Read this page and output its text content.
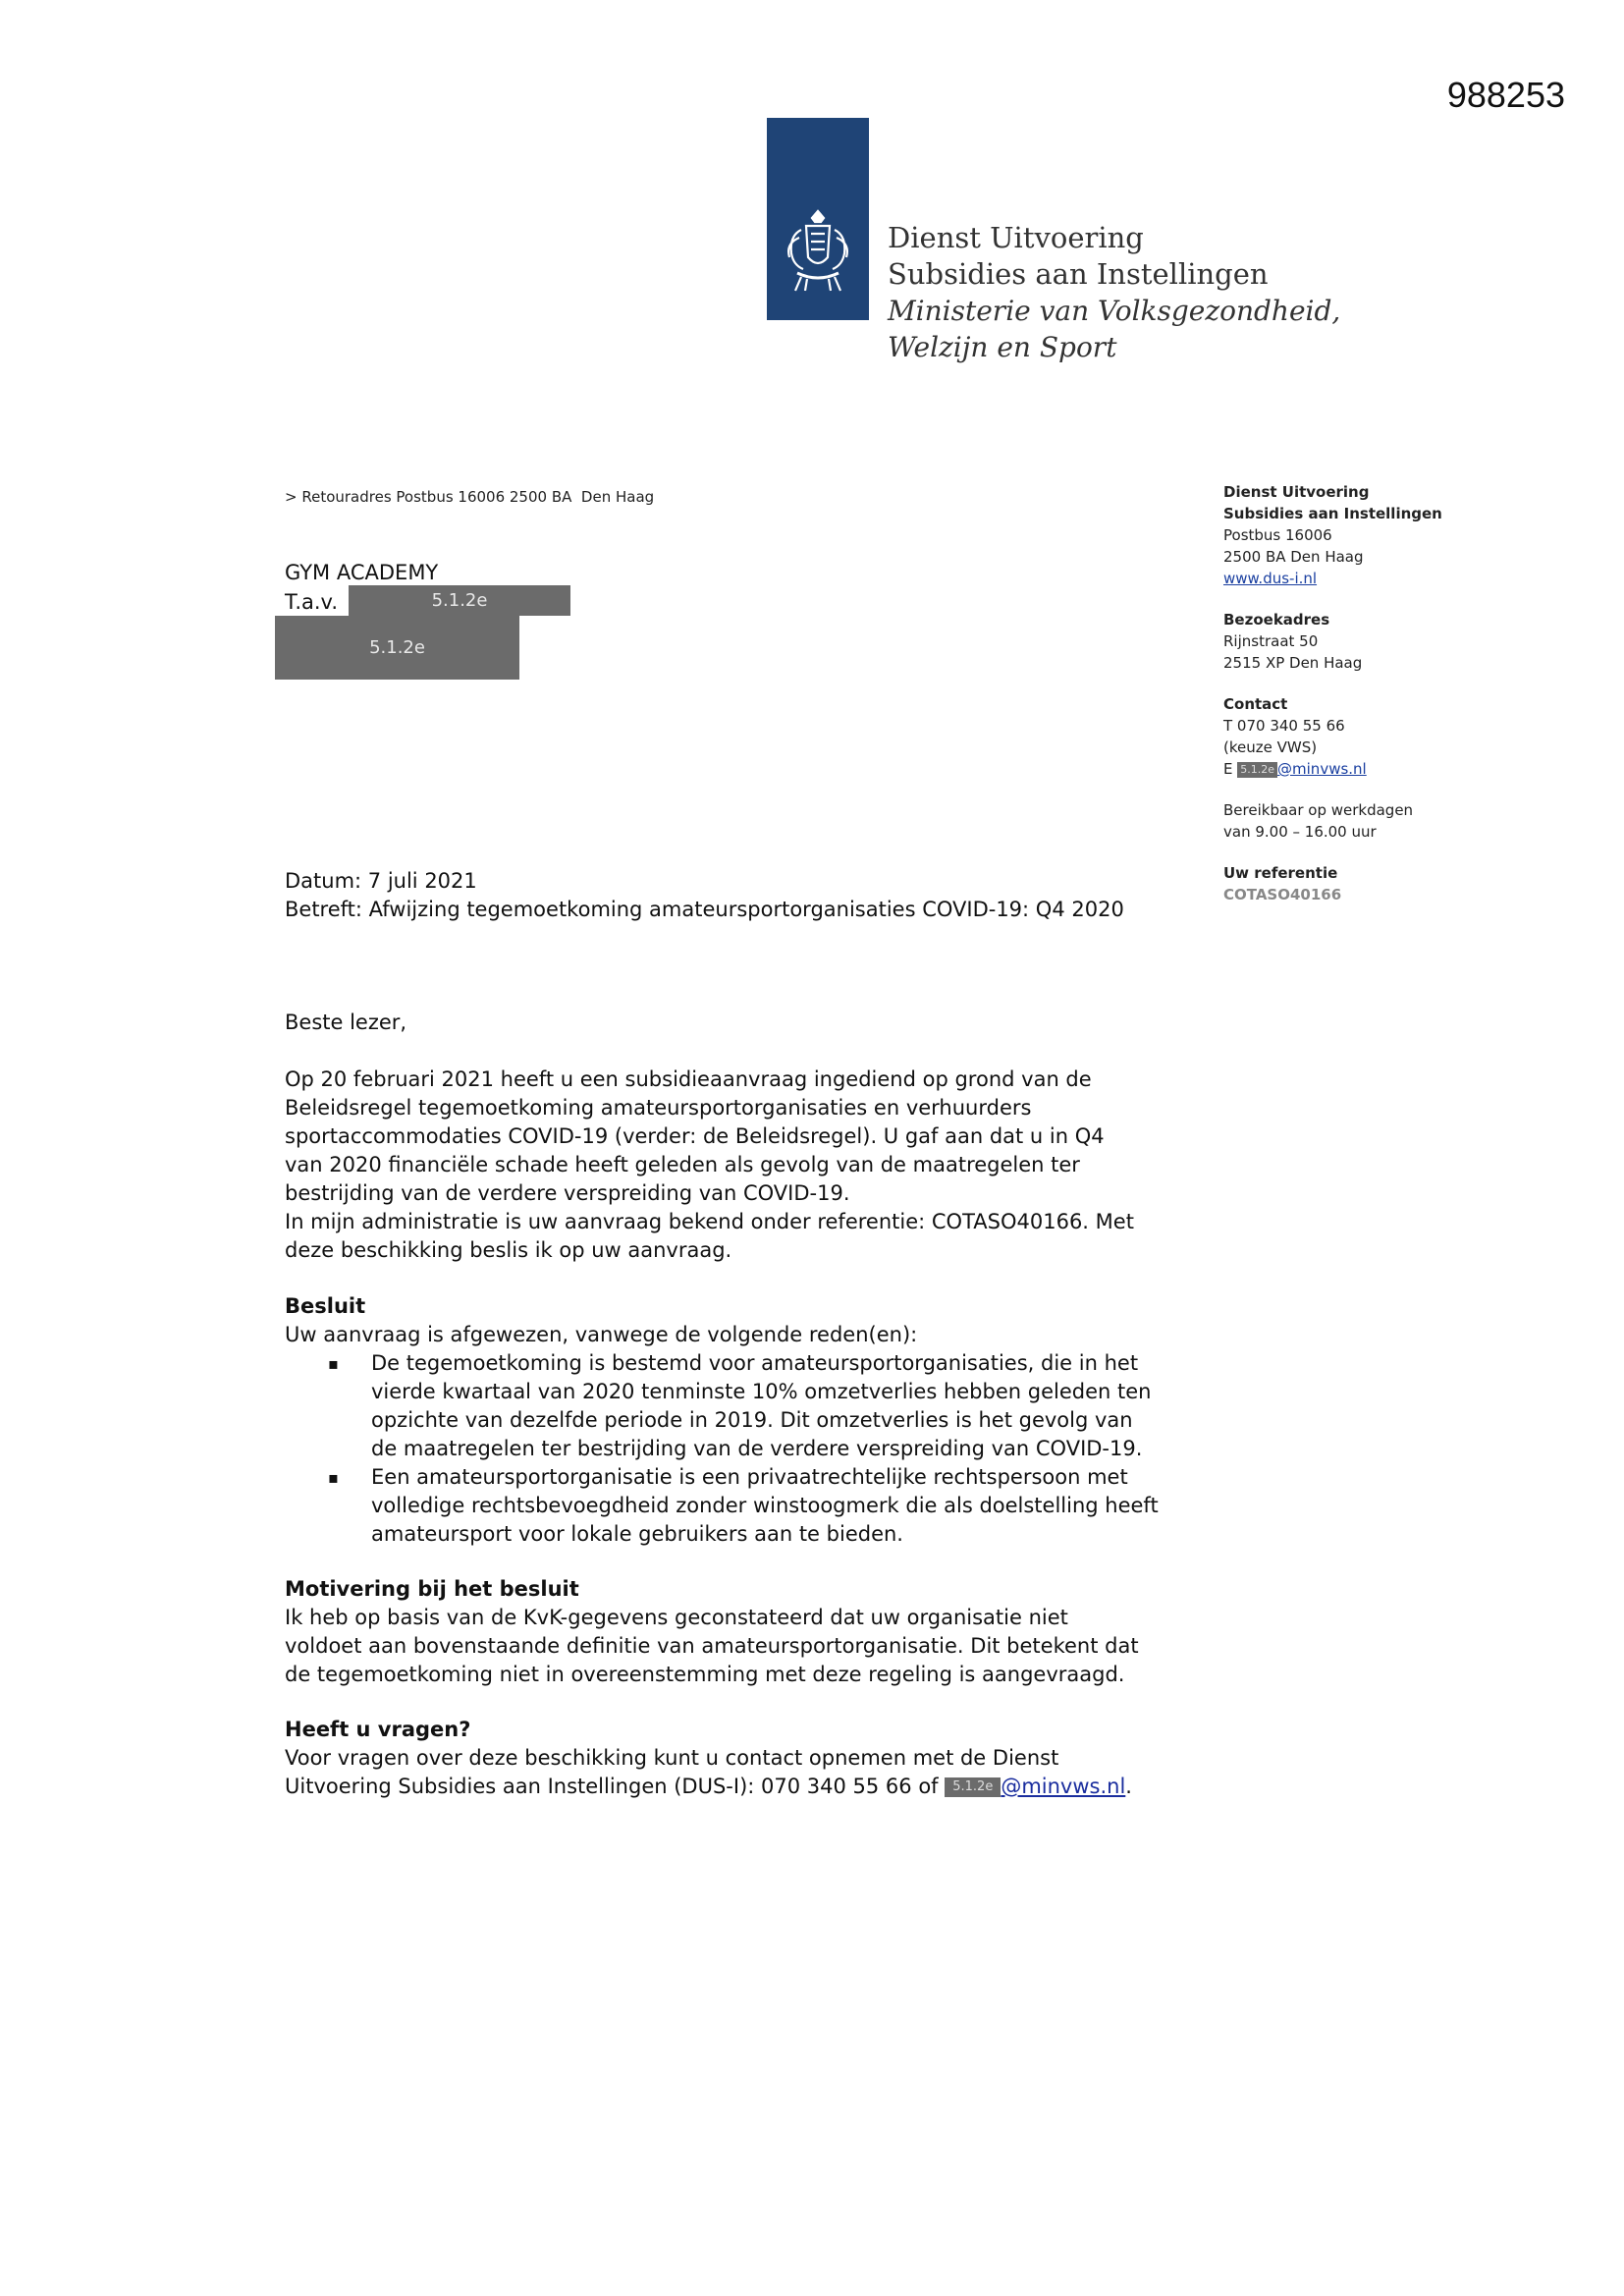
988253
Dienst Uitvoering
Subsidies aan Instellingen
Ministerie van Volksgezondheid,
Welzijn en Sport
> Retouradres Postbus 16006 2500 BA  Den Haag
GYM ACADEMY
T.a.v.	5.1.2e
5.1.2e
Dienst Uitvoering
Subsidies aan Instellingen
Postbus 16006
2500 BA Den Haag
www.dus-i.nl
Bezoekadres
Rijnstraat 50
2515 XP Den Haag
Contact
T 070 340 55 66
(keuze VWS)
E 5.1.2e @minvws.nl
Bereikbaar op werkdagen
van 9.00 – 16.00 uur
Uw referentie
COTASO40166
Datum: 7 juli 2021
Betreft: Afwijzing tegemoetkoming amateursportorganisaties COVID-19: Q4 2020
Beste lezer,
Op 20 februari 2021 heeft u een subsidieaanvraag ingediend op grond van de
Beleidsregel tegemoetkoming amateursportorganisaties en verhuurders
sportaccommodaties COVID-19 (verder: de Beleidsregel). U gaf aan dat u in Q4
van 2020 financiële schade heeft geleden als gevolg van de maatregelen ter
bestrijding van de verdere verspreiding van COVID-19.
In mijn administratie is uw aanvraag bekend onder referentie: COTASO40166. Met
deze beschikking beslis ik op uw aanvraag.
Besluit
Uw aanvraag is afgewezen, vanwege de volgende reden(en):
▪ De tegemoetkoming is bestemd voor amateursportorganisaties, die in het
vierde kwartaal van 2020 tenminste 10% omzetverlies hebben geleden ten
opzichte van dezelfde periode in 2019. Dit omzetverlies is het gevolg van
de maatregelen ter bestrijding van de verdere verspreiding van COVID-19.
▪ Een amateursportorganisatie is een privaatrechtelijke rechtspersoon met
volledige rechtsbevoegdheid zonder winstoogmerk die als doelstelling heeft
amateursport voor lokale gebruikers aan te bieden.
Motivering bij het besluit
Ik heb op basis van de KvK-gegevens geconstateerd dat uw organisatie niet
voldoet aan bovenstaande definitie van amateursportorganisatie. Dit betekent dat
de tegemoetkoming niet in overeenstemming met deze regeling is aangevraagd.
Heeft u vragen?
Voor vragen over deze beschikking kunt u contact opnemen met de Dienst
Uitvoering Subsidies aan Instellingen (DUS-I): 070 340 55 66 of 5.1.2e @minvws.nl.
